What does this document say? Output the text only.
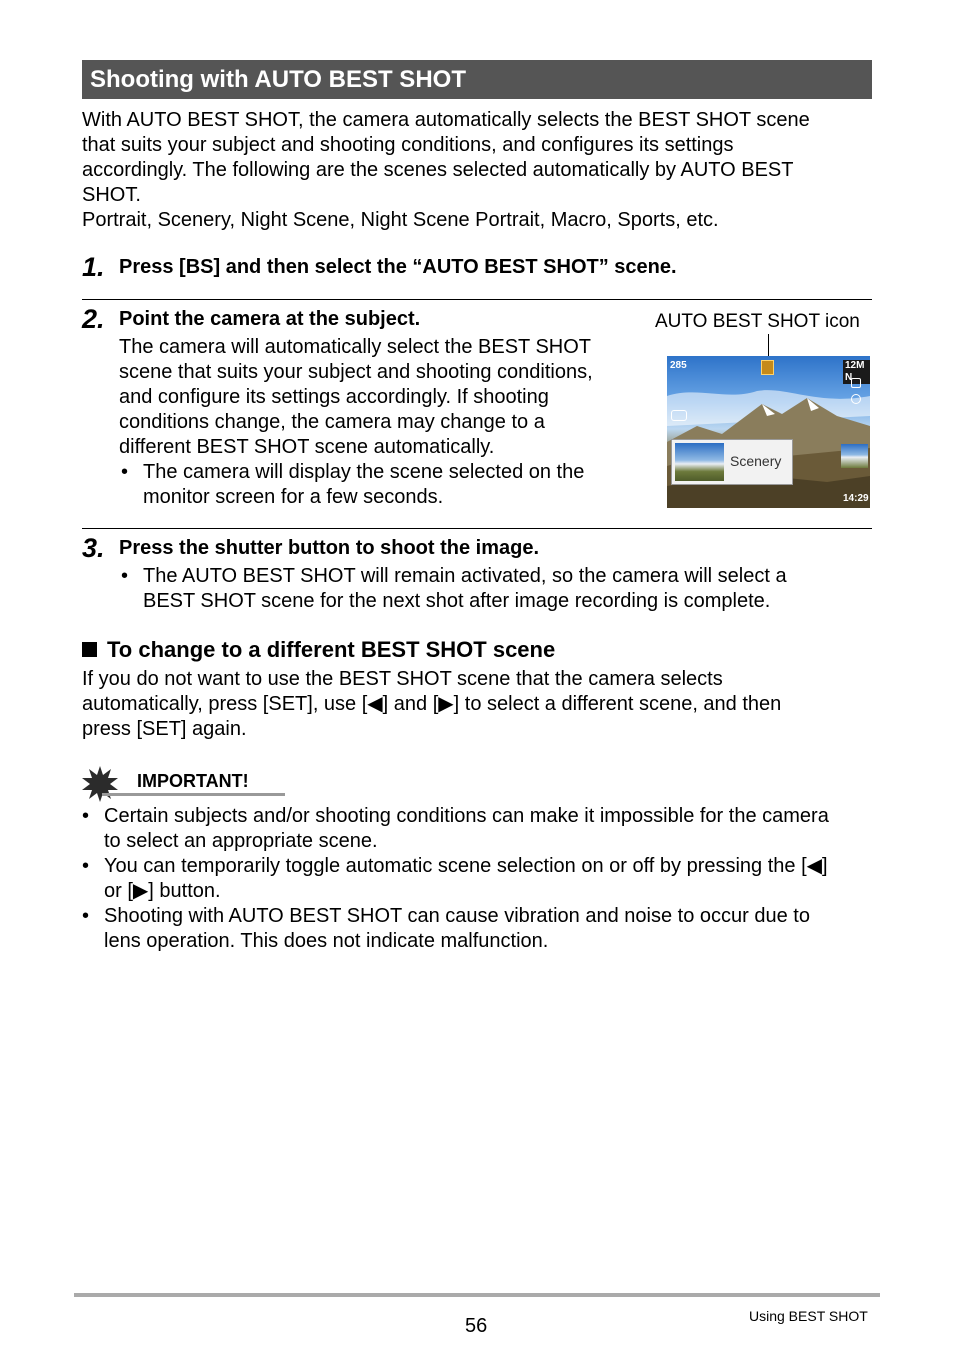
Shooting with AUTO BEST SHOT
With AUTO BEST SHOT, the camera automatically selects the BEST SHOT scene
that suits your subject and shooting conditions, and configures its settings
accordingly. The following are the scenes selected automatically by AUTO BEST
SHOT.
Portrait, Scenery, Night Scene, Night Scene Portrait, Macro, Sports, etc.
1. Press [BS] and then select the “AUTO BEST SHOT” scene.
2. Point the camera at the subject.
The camera will automatically select the BEST SHOT
scene that suits your subject and shooting conditions,
and configure its settings accordingly. If shooting
conditions change, the camera may change to a
different BEST SHOT scene automatically.
• The camera will display the scene selected on the
monitor screen for a few seconds.
AUTO BEST SHOT icon
285	12M N
Scenery
14:29
3. Press the shutter button to shoot the image.
• The AUTO BEST SHOT will remain activated, so the camera will select a
BEST SHOT scene for the next shot after image recording is complete.
To change to a different BEST SHOT scene
If you do not want to use the BEST SHOT scene that the camera selects
automatically, press [SET], use [◀] and [▶] to select a different scene, and then
press [SET] again.
IMPORTANT!
• Certain subjects and/or shooting conditions can make it impossible for the camera
to select an appropriate scene.
• You can temporarily toggle automatic scene selection on or off by pressing the [◀]
or [▶] button.
• Shooting with AUTO BEST SHOT can cause vibration and noise to occur due to
lens operation. This does not indicate malfunction.
56	Using BEST SHOT
